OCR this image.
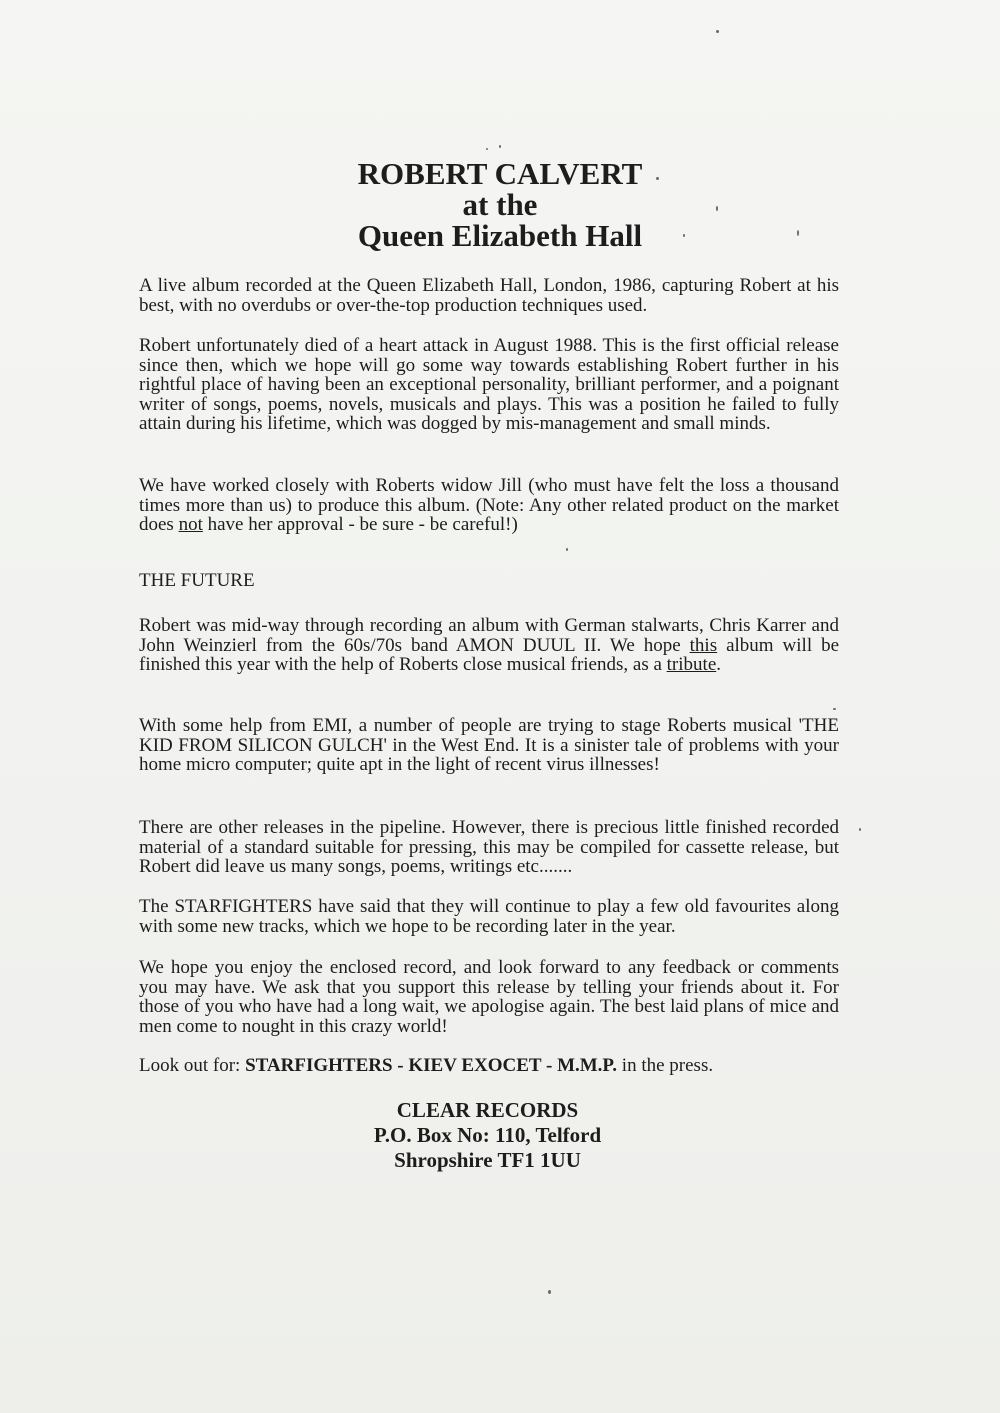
ROBERT CALVERT
at the
Queen Elizabeth Hall

A live album recorded at the Queen Elizabeth Hall, London, 1986, capturing Robert at his best, with no overdubs or over-the-top production techniques used.

Robert unfortunately died of a heart attack in August 1988. This is the first official release since then, which we hope will go some way towards establishing Robert further in his rightful place of having been an exceptional personality, brilliant performer, and a poignant writer of songs, poems, novels, musicals and plays. This was a position he failed to fully attain during his lifetime, which was dogged by mis-management and small minds.

We have worked closely with Roberts widow Jill (who must have felt the loss a thousand times more than us) to produce this album. (Note: Any other related product on the market does not have her approval - be sure - be careful!)

THE FUTURE

Robert was mid-way through recording an album with German stalwarts, Chris Karrer and John Weinzierl from the 60s/70s band AMON DUUL II. We hope this album will be finished this year with the help of Roberts close musical friends, as a tribute.

With some help from EMI, a number of people are trying to stage Roberts musical 'THE KID FROM SILICON GULCH' in the West End. It is a sinister tale of problems with your home micro computer; quite apt in the light of recent virus illnesses!

There are other releases in the pipeline. However, there is precious little finished recorded material of a standard suitable for pressing, this may be compiled for cassette release, but Robert did leave us many songs, poems, writings etc.......

The STARFIGHTERS have said that they will continue to play a few old favourites along with some new tracks, which we hope to be recording later in the year.

We hope you enjoy the enclosed record, and look forward to any feedback or comments you may have. We ask that you support this release by telling your friends about it. For those of you who have had a long wait, we apologise again. The best laid plans of mice and men come to nought in this crazy world!

Look out for: STARFIGHTERS - KIEV EXOCET - M.M.P. in the press.
CLEAR RECORDS
P.O. Box No: 110, Telford
Shropshire TF1 1UU
